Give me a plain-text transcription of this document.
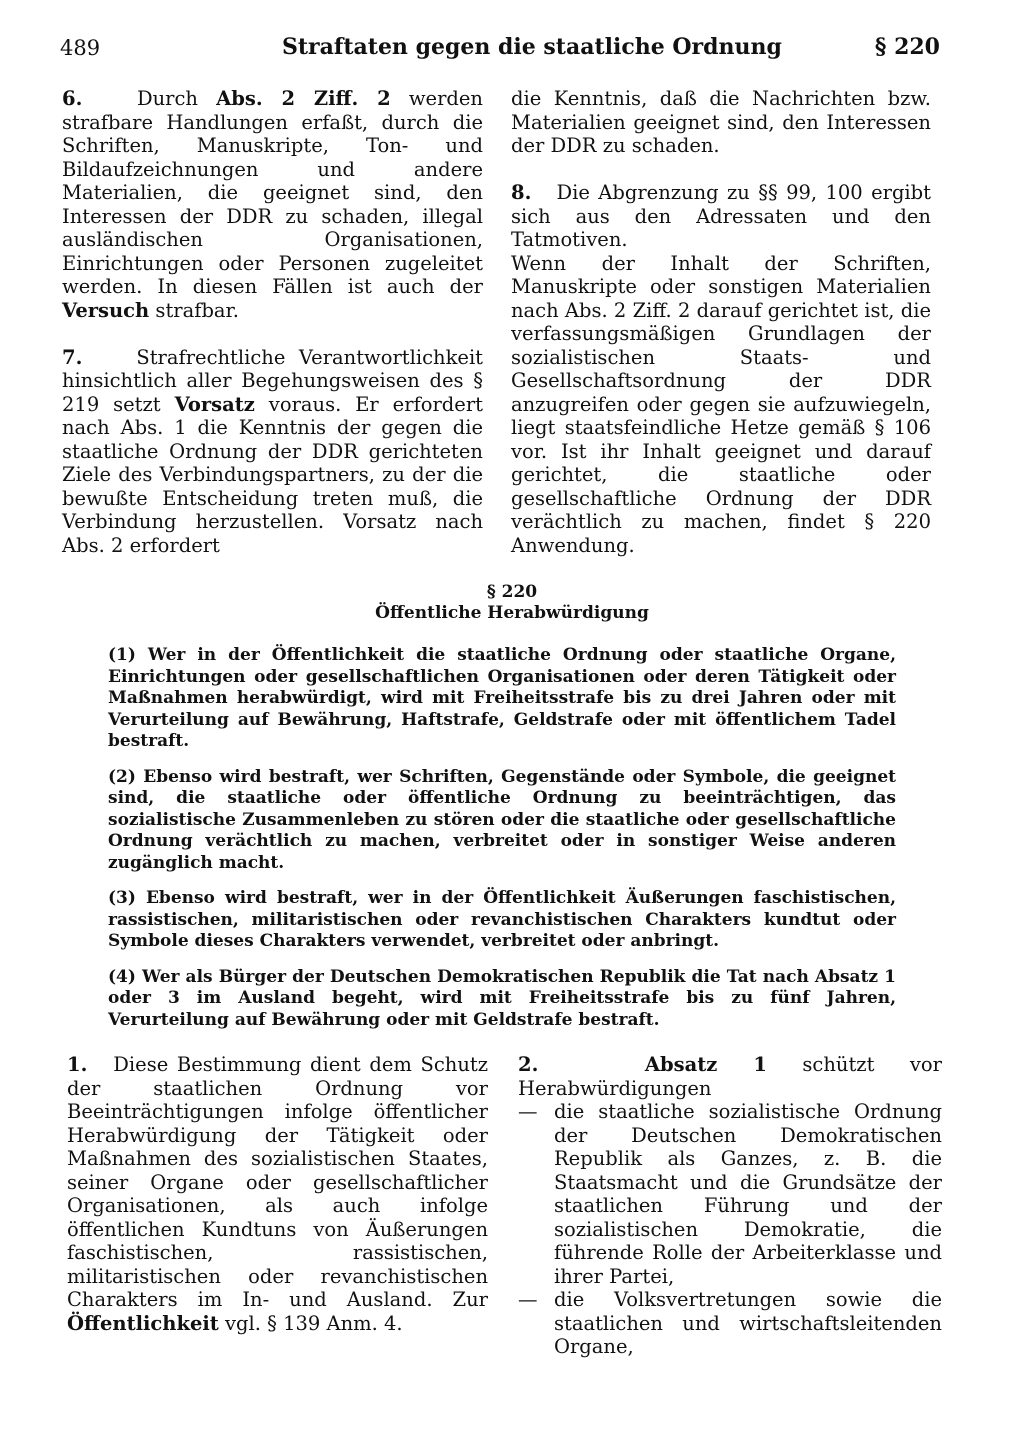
489	Straftaten gegen die staatliche Ordnung	§ 220

6.	Durch Abs. 2 Ziff. 2 werden strafbare Handlungen erfaßt, durch die Schriften, Manuskripte, Ton- und Bildaufzeichnungen und andere Materialien, die geeignet sind, den Interessen der DDR zu schaden, illegal ausländischen Organisationen, Einrichtungen oder Personen zugeleitet werden. In diesen Fällen ist auch der Versuch strafbar.

7.	Strafrechtliche Verantwortlichkeit hinsichtlich aller Begehungsweisen des § 219 setzt Vorsatz voraus. Er erfordert nach Abs. 1 die Kenntnis der gegen die staatliche Ordnung der DDR gerichteten Ziele des Verbindungspartners, zu der die bewußte Entscheidung treten muß, die Verbindung herzustellen. Vorsatz nach Abs. 2 erfordert

die Kenntnis, daß die Nachrichten bzw. Materialien geeignet sind, den Interessen der DDR zu schaden.

8. Die Abgrenzung zu §§ 99, 100 ergibt sich aus den Adressaten und den Tatmotiven.

Wenn der Inhalt der Schriften, Manuskripte oder sonstigen Materialien nach Abs. 2 Ziff. 2 darauf gerichtet ist, die verfassungsmäßigen Grundlagen der sozialistischen Staats- und Gesellschaftsordnung der DDR anzugreifen oder gegen sie aufzuwiegeln, liegt staatsfeindliche Hetze gemäß § 106 vor. Ist ihr Inhalt geeignet und darauf gerichtet, die staatliche oder gesellschaftliche Ordnung der DDR verächtlich zu machen, findet § 220 Anwendung.

§ 220
Öffentliche Herabwürdigung

(1) Wer in der Öffentlichkeit die staatliche Ordnung oder staatliche Organe, Einrichtungen oder gesellschaftlichen Organisationen oder deren Tätigkeit oder Maßnahmen herabwürdigt, wird mit Freiheitsstrafe bis zu drei Jahren oder mit Verurteilung auf Bewährung, Haftstrafe, Geldstrafe oder mit öffentlichem Tadel bestraft.

(2) Ebenso wird bestraft, wer Schriften, Gegenstände oder Symbole, die geeignet sind, die staatliche oder öffentliche Ordnung zu beeinträchtigen, das sozialistische Zusammenleben zu stören oder die staatliche oder gesellschaftliche Ordnung verächtlich zu machen, verbreitet oder in sonstiger Weise anderen zugänglich macht.

(3) Ebenso wird bestraft, wer in der Öffentlichkeit Äußerungen faschistischen, rassistischen, militaristischen oder revanchistischen Charakters kundtut oder Symbole dieses Charakters verwendet, verbreitet oder anbringt.

(4) Wer als Bürger der Deutschen Demokratischen Republik die Tat nach Absatz 1 oder 3 im Ausland begeht, wird mit Freiheitsstrafe bis zu fünf Jahren, Verurteilung auf Bewährung oder mit Geldstrafe bestraft.

1. Diese Bestimmung dient dem Schutz der staatlichen Ordnung vor Beeinträchtigungen infolge öffentlicher Herabwürdigung der Tätigkeit oder Maßnahmen des sozialistischen Staates, seiner Organe oder gesellschaftlicher Organisationen, als auch infolge öffentlichen Kundtuns von Äußerungen faschistischen, rassistischen, militaristischen oder revanchistischen Charakters im In- und Ausland. Zur Öffentlichkeit vgl. § 139 Anm. 4.

2.	Absatz 1 schützt vor Herabwürdigungen

— die staatliche sozialistische Ordnung der Deutschen Demokratischen Republik als Ganzes, z. B. die Staatsmacht und die Grundsätze der staatlichen Führung und der sozialistischen Demokratie, die führende Rolle der Arbeiterklasse und ihrer Partei,
— die Volksvertretungen sowie die staatlichen und wirtschaftsleitenden Organe,
